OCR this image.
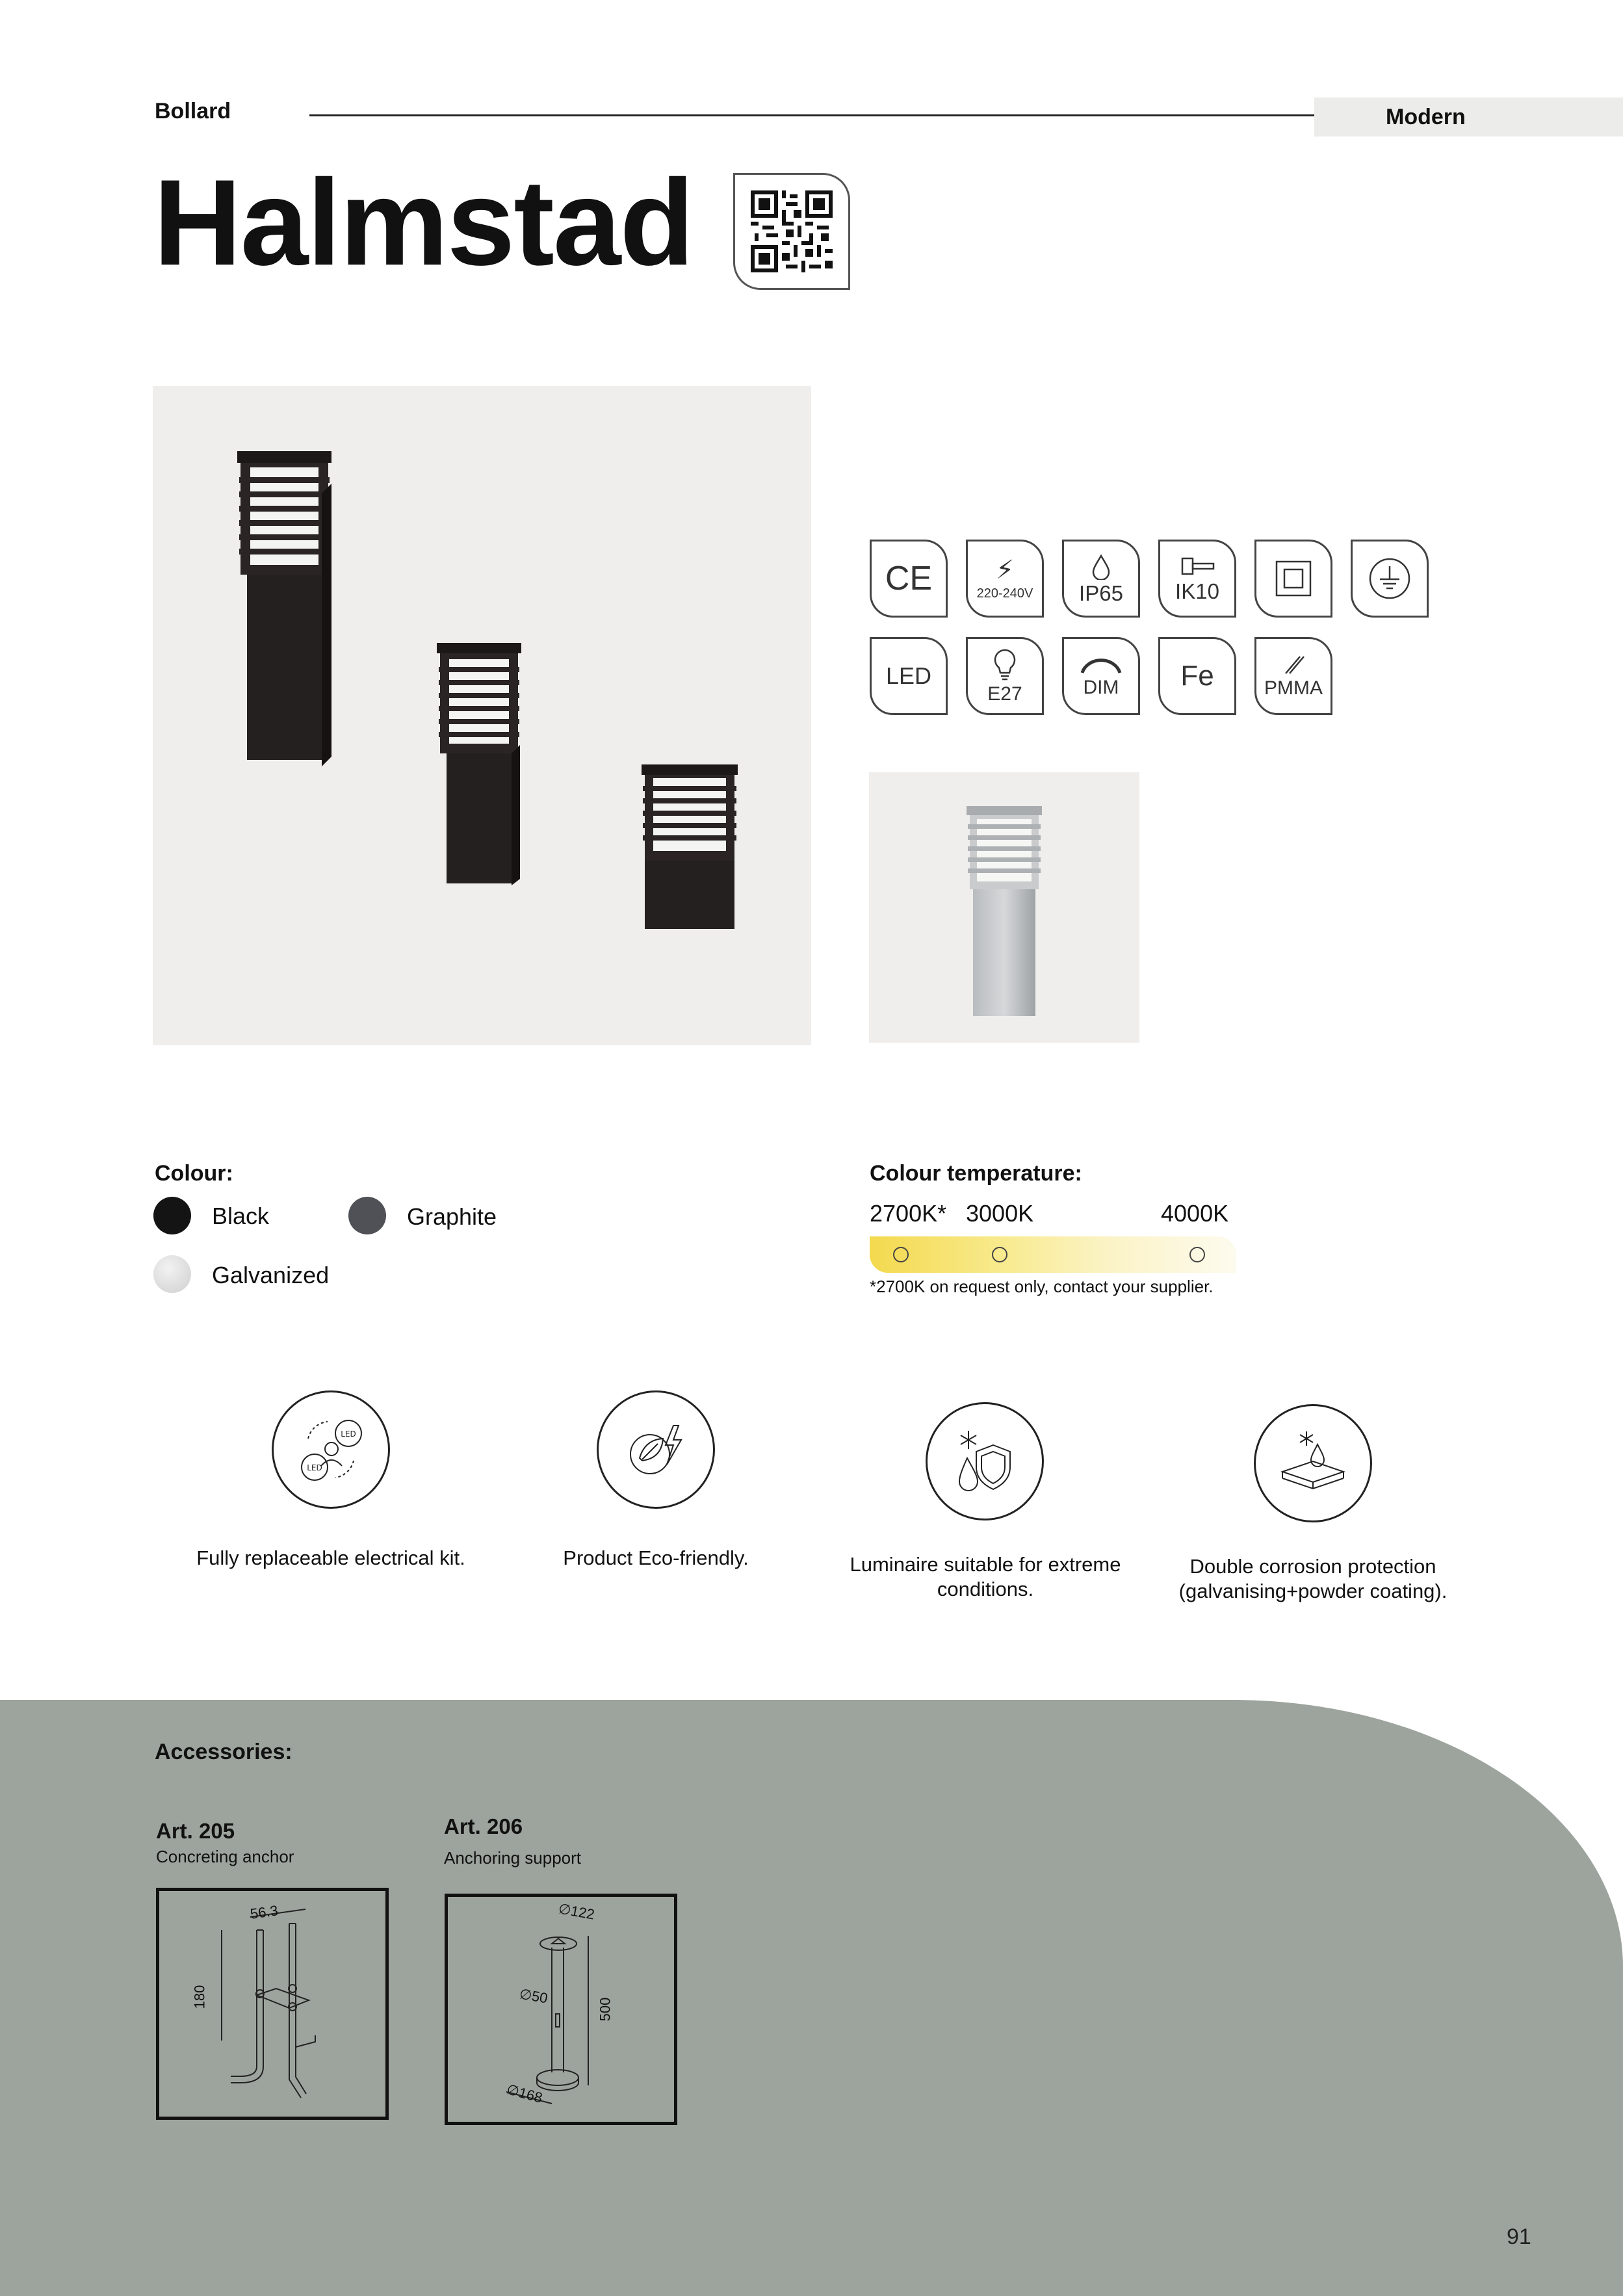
Bollard	Modern
Halmstad
CE ⚡︎
220-240V IP65 IK10
LED
E27	DIM Fe	PMMA
Colour:
Black	Graphite
Galvanized
Colour temperature:
2700K* 3000K	4000K
*2700K on request only, contact your supplier.
LED
LED
Fully replaceable electrical kit.	Product Eco-friendly.	Luminaire suitable for extreme conditions.
Double corrosion protection (galvanising+powder coating).
Accessories:
Art. 205
Concreting anchor
56.3
180
Art. 206
Anchoring support
∅122
∅50
500
∅168
91
